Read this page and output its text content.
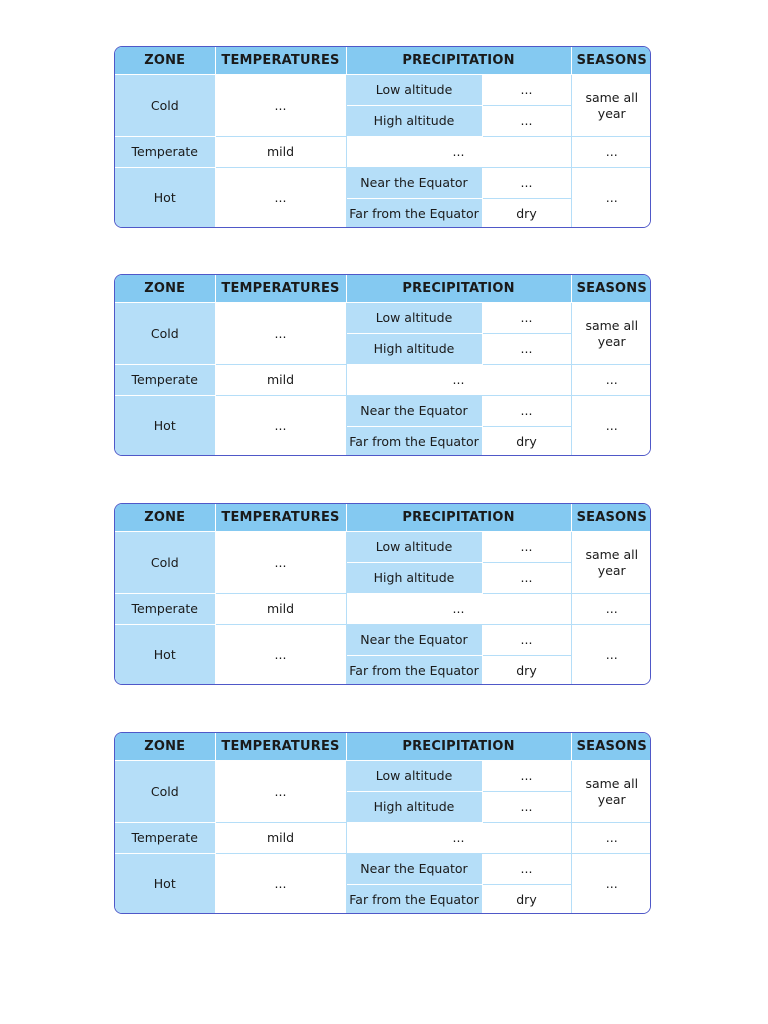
ZONE	TEMPERATURES	PRECIPITATION		SEASONS
Cold	...	Low altitude	...	same all year
		High altitude	...	
Temperate	mild	...		...
Hot	...	Near the Equator	...	...
		Far from the Equator	dry	
ZONE	TEMPERATURES	PRECIPITATION		SEASONS
Cold	...	Low altitude	...	same all year
		High altitude	...	
Temperate	mild	...		...
Hot	...	Near the Equator	...	...
		Far from the Equator	dry	
ZONE	TEMPERATURES	PRECIPITATION		SEASONS
Cold	...	Low altitude	...	same all year
		High altitude	...	
Temperate	mild	...		...
Hot	...	Near the Equator	...	...
		Far from the Equator	dry	
ZONE	TEMPERATURES	PRECIPITATION		SEASONS
Cold	...	Low altitude	...	same all year
		High altitude	...	
Temperate	mild	...		...
Hot	...	Near the Equator	...	...
		Far from the Equator	dry	
